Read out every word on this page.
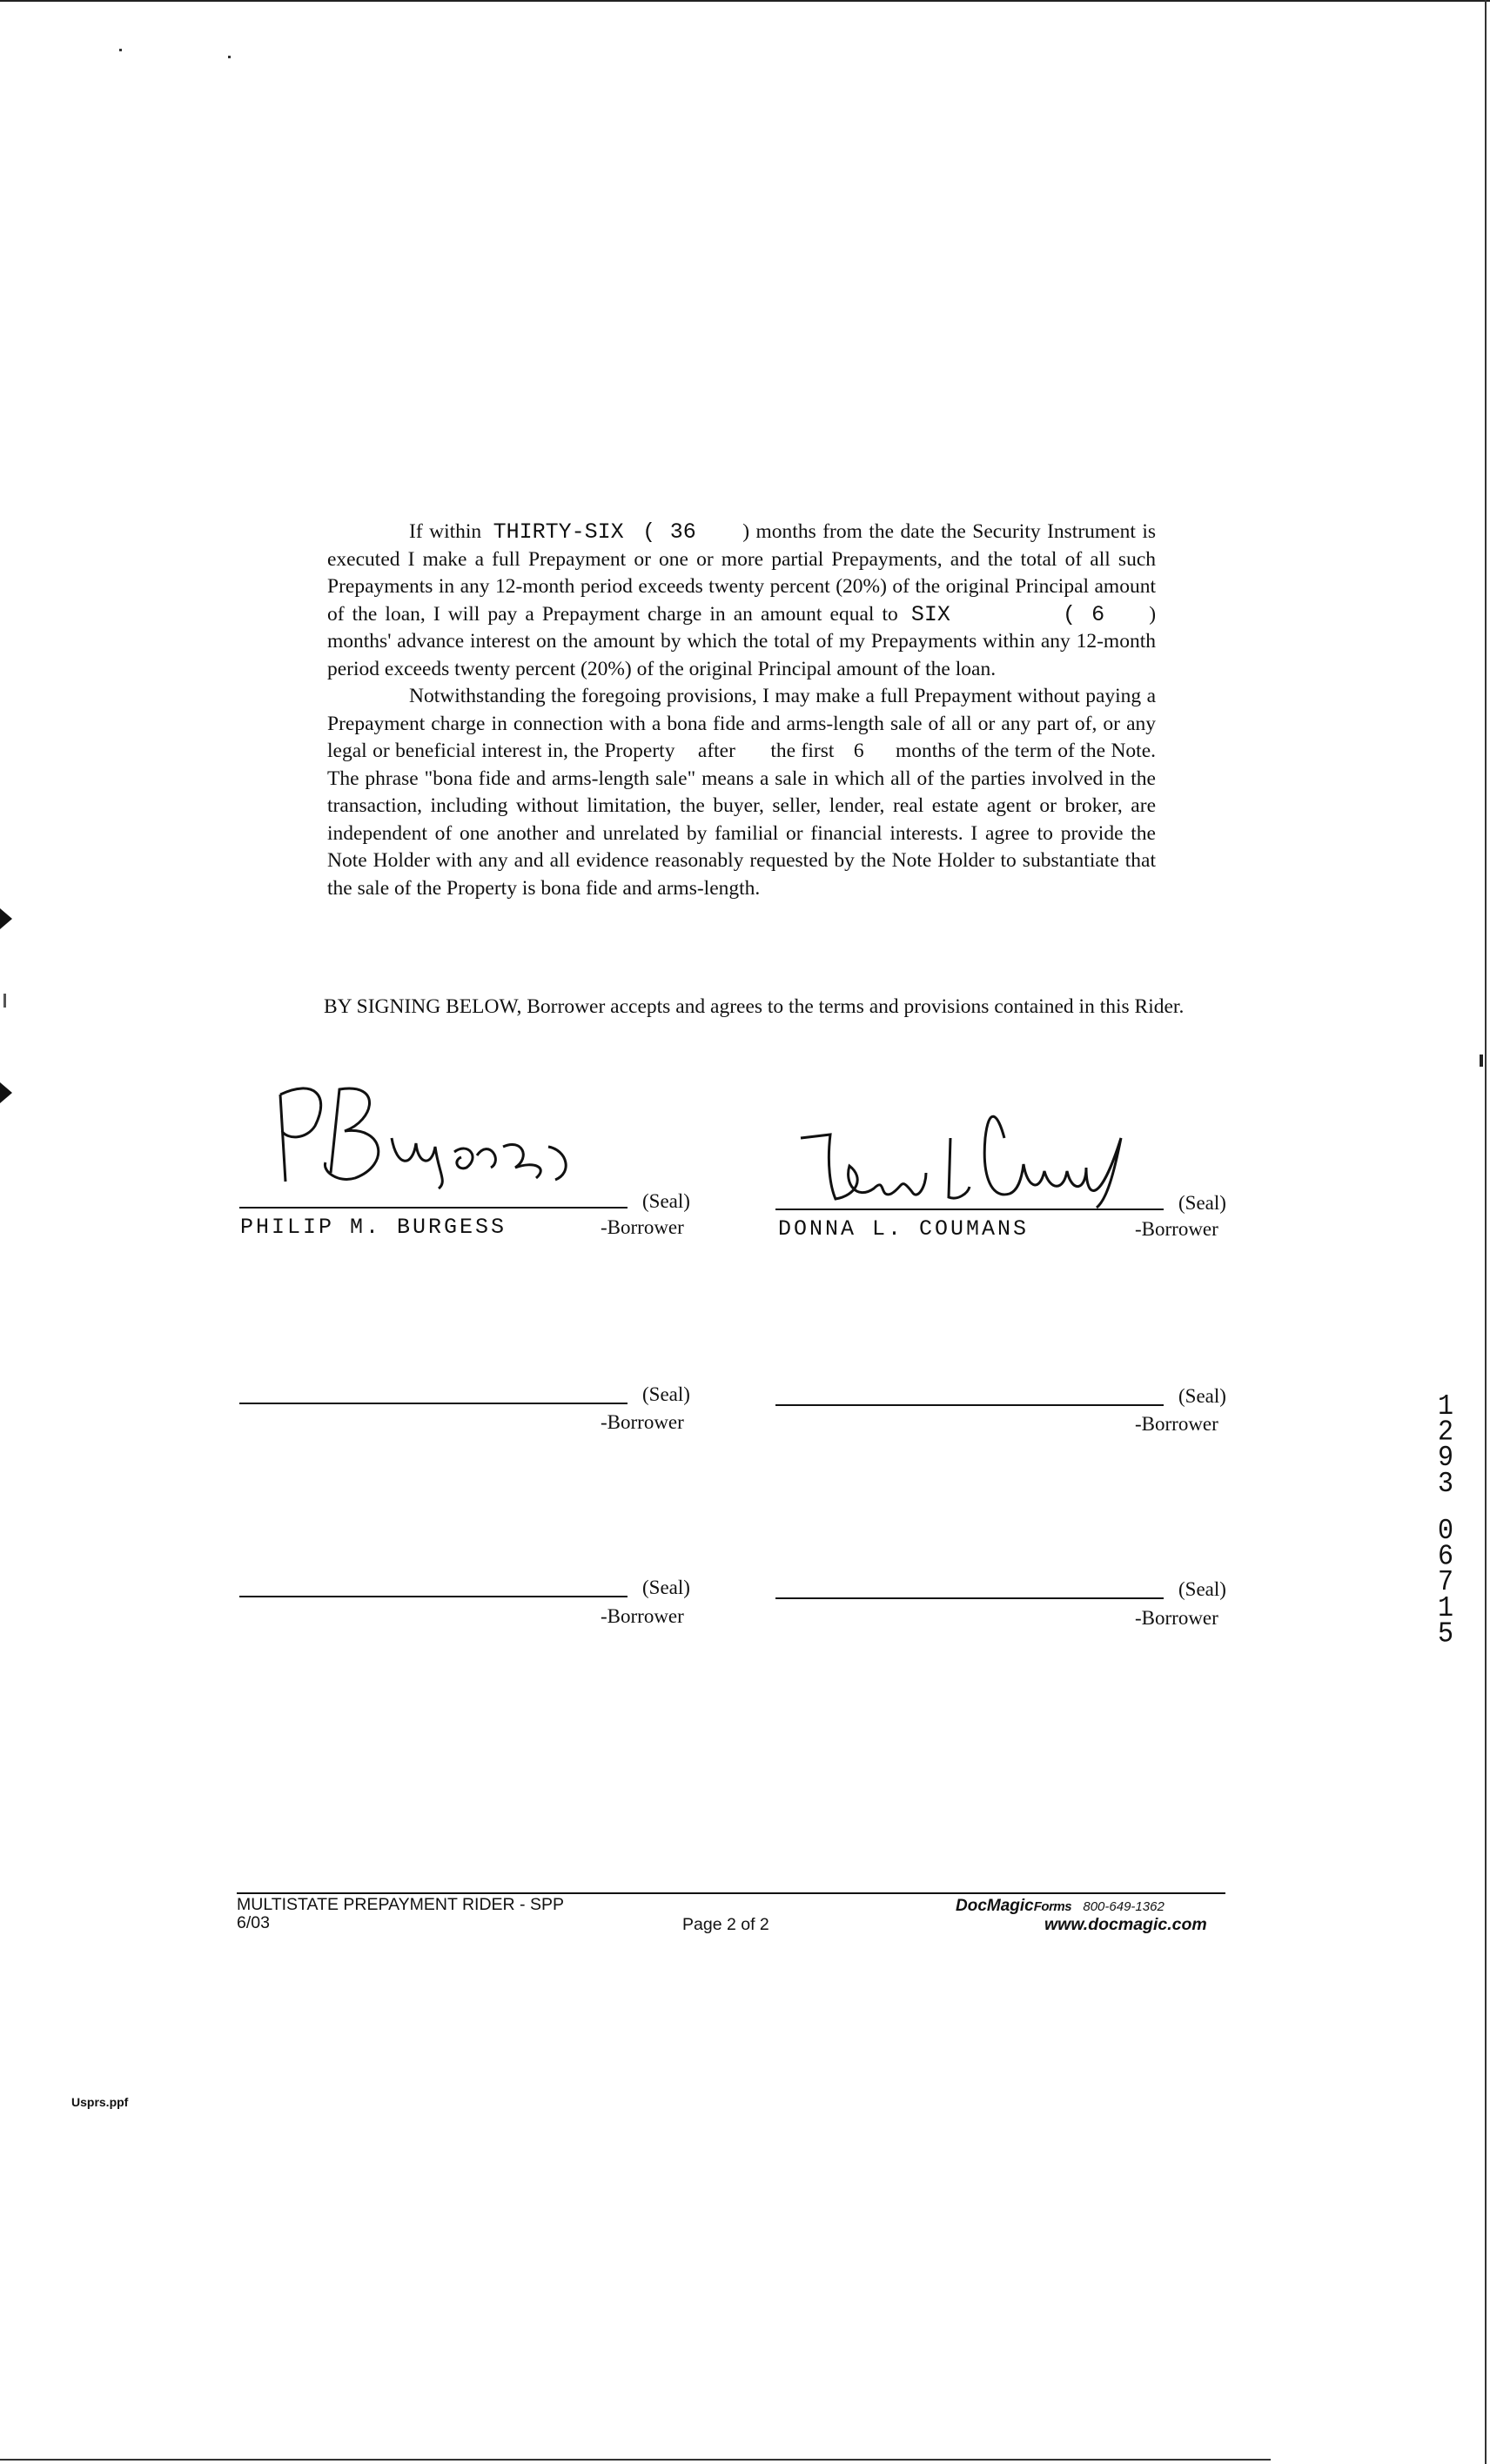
If within THIRTY-SIX ( 36 ) months from the date the Security Instrument is executed I make a full Prepayment or one or more partial Prepayments, and the total of all such Prepayments in any 12-month period exceeds twenty percent (20%) of the original Principal amount of the loan, I will pay a Prepayment charge in an amount equal to SIX	( 6 ) months' advance interest on the amount by which the total of my Prepayments within any 12-month period exceeds twenty percent (20%) of the original Principal amount of the loan.

Notwithstanding the foregoing provisions, I may make a full Prepayment without paying a Prepayment charge in connection with a bona fide and arms-length sale of all or any part of, or any legal or beneficial interest in, the Property after the first 6 months of the term of the Note. The phrase "bona fide and arms-length sale" means a sale in which all of the parties involved in the transaction, including without limitation, the buyer, seller, lender, real estate agent or broker, are independent of one another and unrelated by familial or financial interests. I agree to provide the Note Holder with any and all evidence reasonably requested by the Note Holder to substantiate that the sale of the Property is bona fide and arms-length.

BY SIGNING BELOW, Borrower accepts and agrees to the terms and provisions contained in this Rider.

(Seal)
PHILIP M. BURGESS	-Borrower
(Seal)
DONNA L. COUMANS	-Borrower
(Seal)
-Borrower
(Seal)
-Borrower
(Seal)
-Borrower
(Seal)
-Borrower
1
2
9
3
0
6
7
1
5
MULTISTATE PREPAYMENT RIDER - SPP
6/03	Page 2 of 2
DocMagicForms 800-649-1362
www.docmagic.com
Usprs.ppf
